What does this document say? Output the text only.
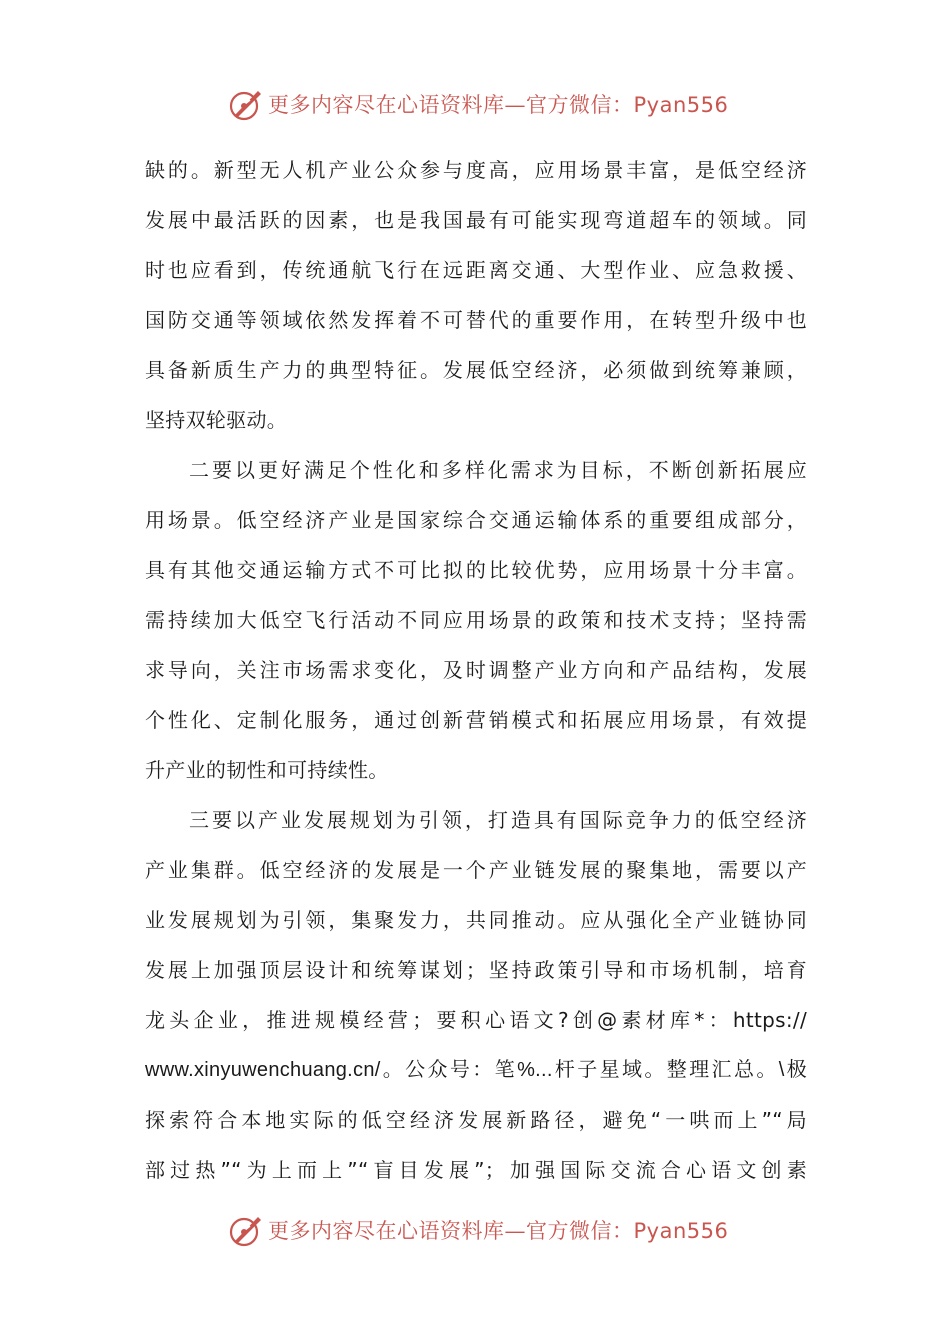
更多内容尽在心语资料库—官方微信：Pyan556
缺的。新型无人机产业公众参与度高，应用场景丰富，是低空经济
发展中最活跃的因素，也是我国最有可能实现弯道超车的领域。同
时也应看到，传统通航飞行在远距离交通、大型作业、应急救援、
国防交通等领域依然发挥着不可替代的重要作用，在转型升级中也
具备新质生产力的典型特征。发展低空经济，必须做到统筹兼顾，
坚持双轮驱动。
二要以更好满足个性化和多样化需求为目标，不断创新拓展应
用场景。低空经济产业是国家综合交通运输体系的重要组成部分，
具有其他交通运输方式不可比拟的比较优势，应用场景十分丰富。
需持续加大低空飞行活动不同应用场景的政策和技术支持；坚持需
求导向，关注市场需求变化，及时调整产业方向和产品结构，发展
个性化、定制化服务，通过创新营销模式和拓展应用场景，有效提
升产业的韧性和可持续性。
三要以产业发展规划为引领，打造具有国际竞争力的低空经济
产业集群。低空经济的发展是一个产业链发展的聚集地，需要以产
业发展规划为引领，集聚发力，共同推动。应从强化全产业链协同
发展上加强顶层设计和统筹谋划；坚持政策引导和市场机制，培育
龙头企业，推进规模经营；要积心语文?创@素材库*：https://
www.xinyuwenchuang.cn/。公众号：笔%...杆子星域。整理汇总。\极
探索符合本地实际的低空经济发展新路径，避免“一哄而上”“局
部过热”“为上而上”“盲目发展”；加强国际交流合心语文创素
更多内容尽在心语资料库—官方微信：Pyan556
